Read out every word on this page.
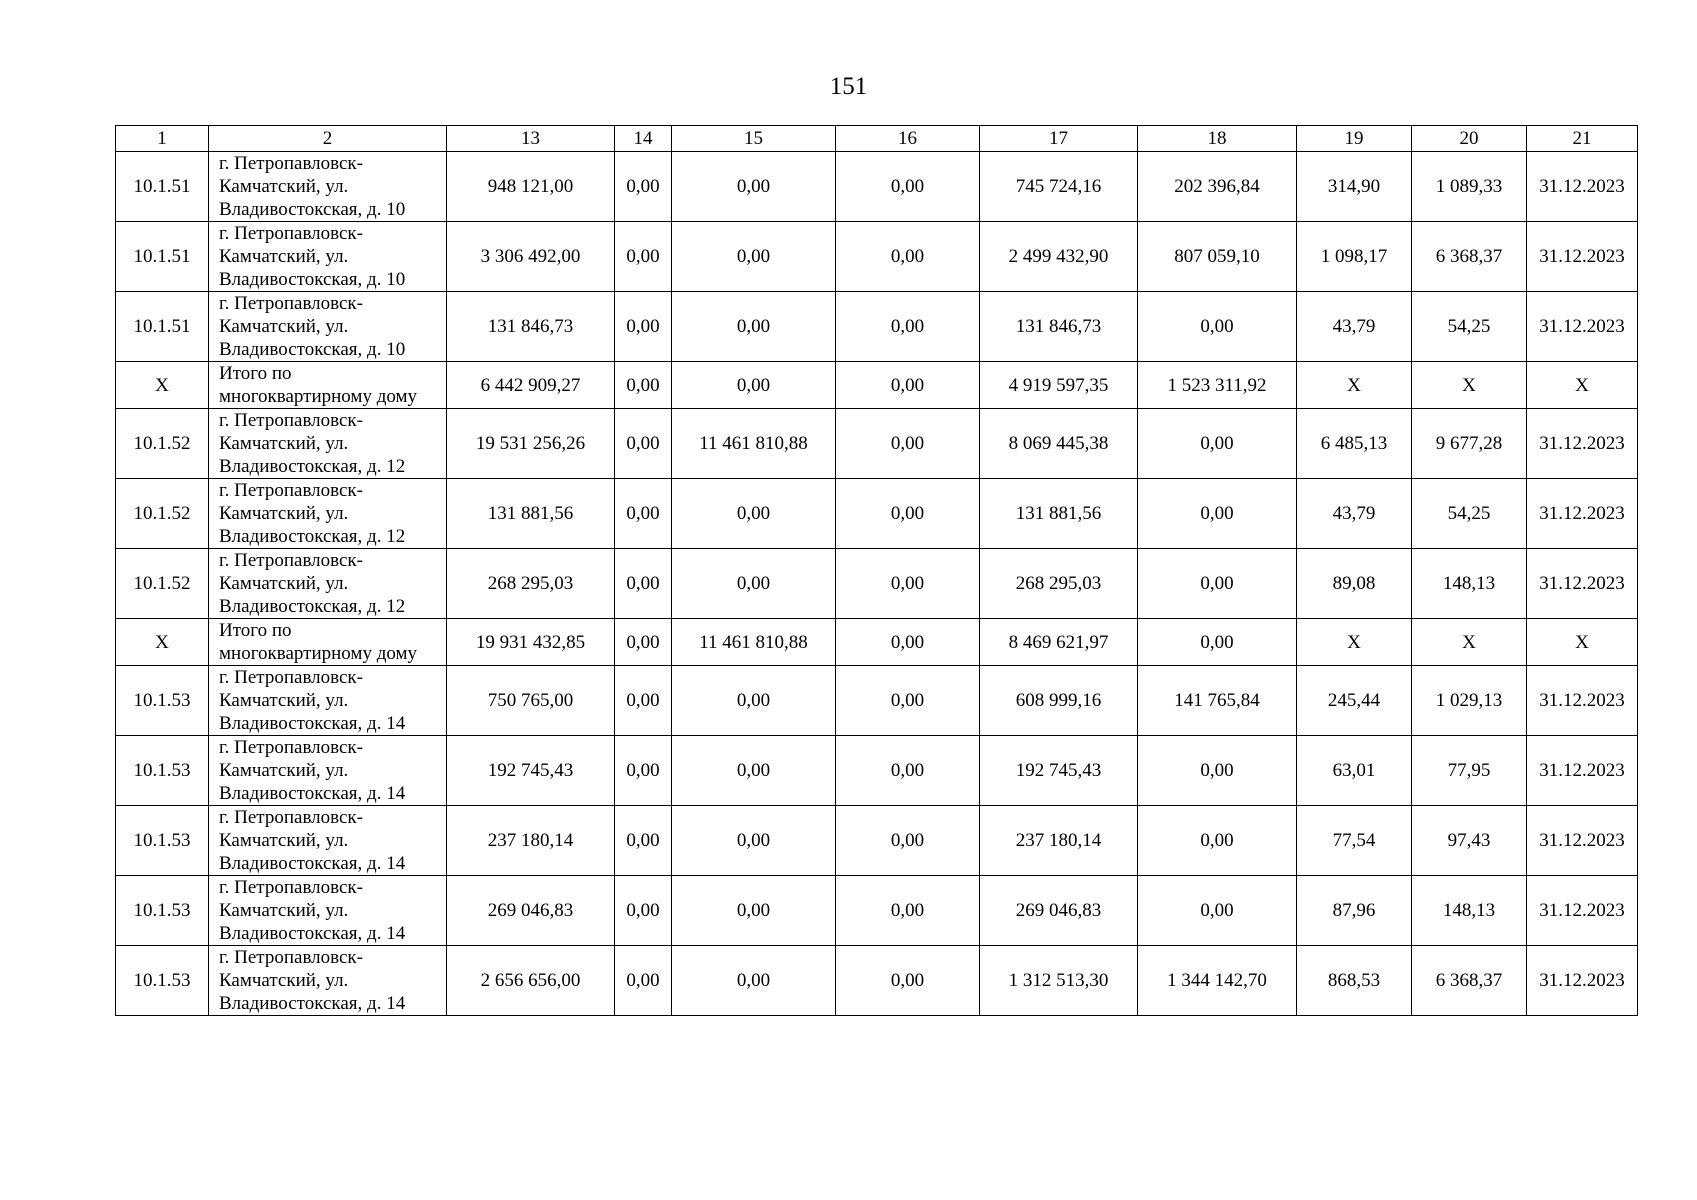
151
1	2	13	14	15	16	17	18	19	20	21
10.1.51	г. Петропавловск-
Камчатский, ул.
Владивостокская, д. 10	948 121,00	0,00	0,00	0,00	745 724,16	202 396,84	314,90	1 089,33	31.12.2023
10.1.51	г. Петропавловск-
Камчатский, ул.
Владивостокская, д. 10	3 306 492,00	0,00	0,00	0,00	2 499 432,90	807 059,10	1 098,17	6 368,37	31.12.2023
10.1.51	г. Петропавловск-
Камчатский, ул.
Владивостокская, д. 10	131 846,73	0,00	0,00	0,00	131 846,73	0,00	43,79	54,25	31.12.2023
X	Итого по
многоквартирному дому	6 442 909,27	0,00	0,00	0,00	4 919 597,35	1 523 311,92	X	X	X
10.1.52	г. Петропавловск-
Камчатский, ул.
Владивостокская, д. 12	19 531 256,26	0,00	11 461 810,88	0,00	8 069 445,38	0,00	6 485,13	9 677,28	31.12.2023
10.1.52	г. Петропавловск-
Камчатский, ул.
Владивостокская, д. 12	131 881,56	0,00	0,00	0,00	131 881,56	0,00	43,79	54,25	31.12.2023
10.1.52	г. Петропавловск-
Камчатский, ул.
Владивостокская, д. 12	268 295,03	0,00	0,00	0,00	268 295,03	0,00	89,08	148,13	31.12.2023
X	Итого по
многоквартирному дому	19 931 432,85	0,00	11 461 810,88	0,00	8 469 621,97	0,00	X	X	X
10.1.53	г. Петропавловск-
Камчатский, ул.
Владивостокская, д. 14	750 765,00	0,00	0,00	0,00	608 999,16	141 765,84	245,44	1 029,13	31.12.2023
10.1.53	г. Петропавловск-
Камчатский, ул.
Владивостокская, д. 14	192 745,43	0,00	0,00	0,00	192 745,43	0,00	63,01	77,95	31.12.2023
10.1.53	г. Петропавловск-
Камчатский, ул.
Владивостокская, д. 14	237 180,14	0,00	0,00	0,00	237 180,14	0,00	77,54	97,43	31.12.2023
10.1.53	г. Петропавловск-
Камчатский, ул.
Владивостокская, д. 14	269 046,83	0,00	0,00	0,00	269 046,83	0,00	87,96	148,13	31.12.2023
10.1.53	г. Петропавловск-
Камчатский, ул.
Владивостокская, д. 14	2 656 656,00	0,00	0,00	0,00	1 312 513,30	1 344 142,70	868,53	6 368,37	31.12.2023
